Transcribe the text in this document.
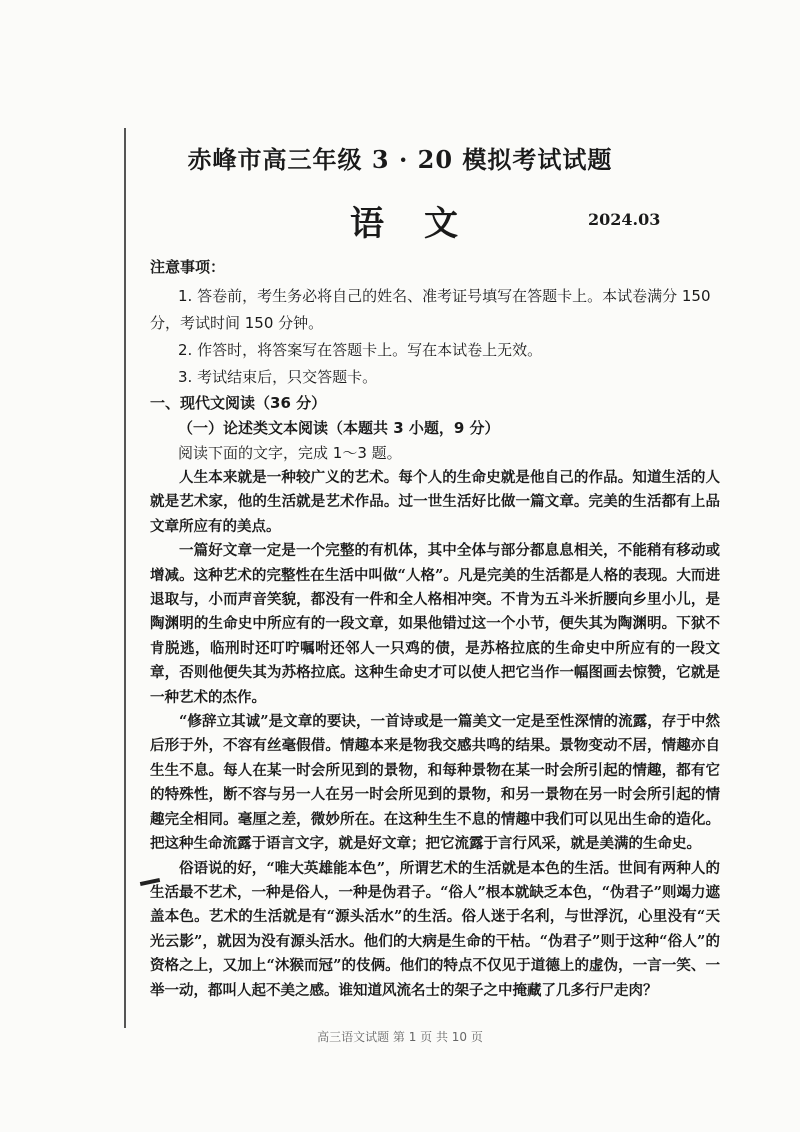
赤峰市高三年级 3 · 20 模拟考试试题
语文	2024.03
注意事项：
1. 答卷前，考生务必将自己的姓名、准考证号填写在答题卡上。本试卷满分 150 分，考试时间 150 分钟。
2. 作答时，将答案写在答题卡上。写在本试卷上无效。
3. 考试结束后，只交答题卡。
一、现代文阅读（36 分）
（一）论述类文本阅读（本题共 3 小题，9 分）
阅读下面的文字，完成 1～3 题。

人生本来就是一种较广义的艺术。每个人的生命史就是他自己的作品。知道生活的人就是艺术家，他的生活就是艺术作品。过一世生活好比做一篇文章。完美的生活都有上品文章所应有的美点。

一篇好文章一定是一个完整的有机体，其中全体与部分都息息相关，不能稍有移动或增减。这种艺术的完整性在生活中叫做“人格”。凡是完美的生活都是人格的表现。大而进退取与，小而声音笑貌，都没有一件和全人格相冲突。不肯为五斗米折腰向乡里小儿，是陶渊明的生命史中所应有的一段文章，如果他错过这一个小节，便失其为陶渊明。下狱不肯脱逃，临刑时还叮咛嘱咐还邻人一只鸡的债，是苏格拉底的生命史中所应有的一段文章，否则他便失其为苏格拉底。这种生命史才可以使人把它当作一幅图画去惊赞，它就是一种艺术的杰作。

“修辞立其诚”是文章的要诀，一首诗或是一篇美文一定是至性深情的流露，存于中然后形于外，不容有丝毫假借。情趣本来是物我交感共鸣的结果。景物变动不居，情趣亦自生生不息。每人在某一时会所见到的景物，和每种景物在某一时会所引起的情趣，都有它的特殊性，断不容与另一人在另一时会所见到的景物，和另一景物在另一时会所引起的情趣完全相同。毫厘之差，微妙所在。在这种生生不息的情趣中我们可以见出生命的造化。把这种生命流露于语言文字，就是好文章；把它流露于言行风采，就是美满的生命史。

俗语说的好，“唯大英雄能本色”，所谓艺术的生活就是本色的生活。世间有两种人的生活最不艺术，一种是俗人，一种是伪君子。“俗人”根本就缺乏本色，“伪君子”则竭力遮盖本色。艺术的生活就是有“源头活水”的生活。俗人迷于名利，与世浮沉，心里没有“天光云影”，就因为没有源头活水。他们的大病是生命的干枯。“伪君子”则于这种“俗人”的资格之上，又加上“沐猴而冠”的伎俩。他们的特点不仅见于道德上的虚伪，一言一笑、一举一动，都叫人起不美之感。谁知道风流名士的架子之中掩藏了几多行尸走肉？

高三语文试题 第 1 页 共 10 页
